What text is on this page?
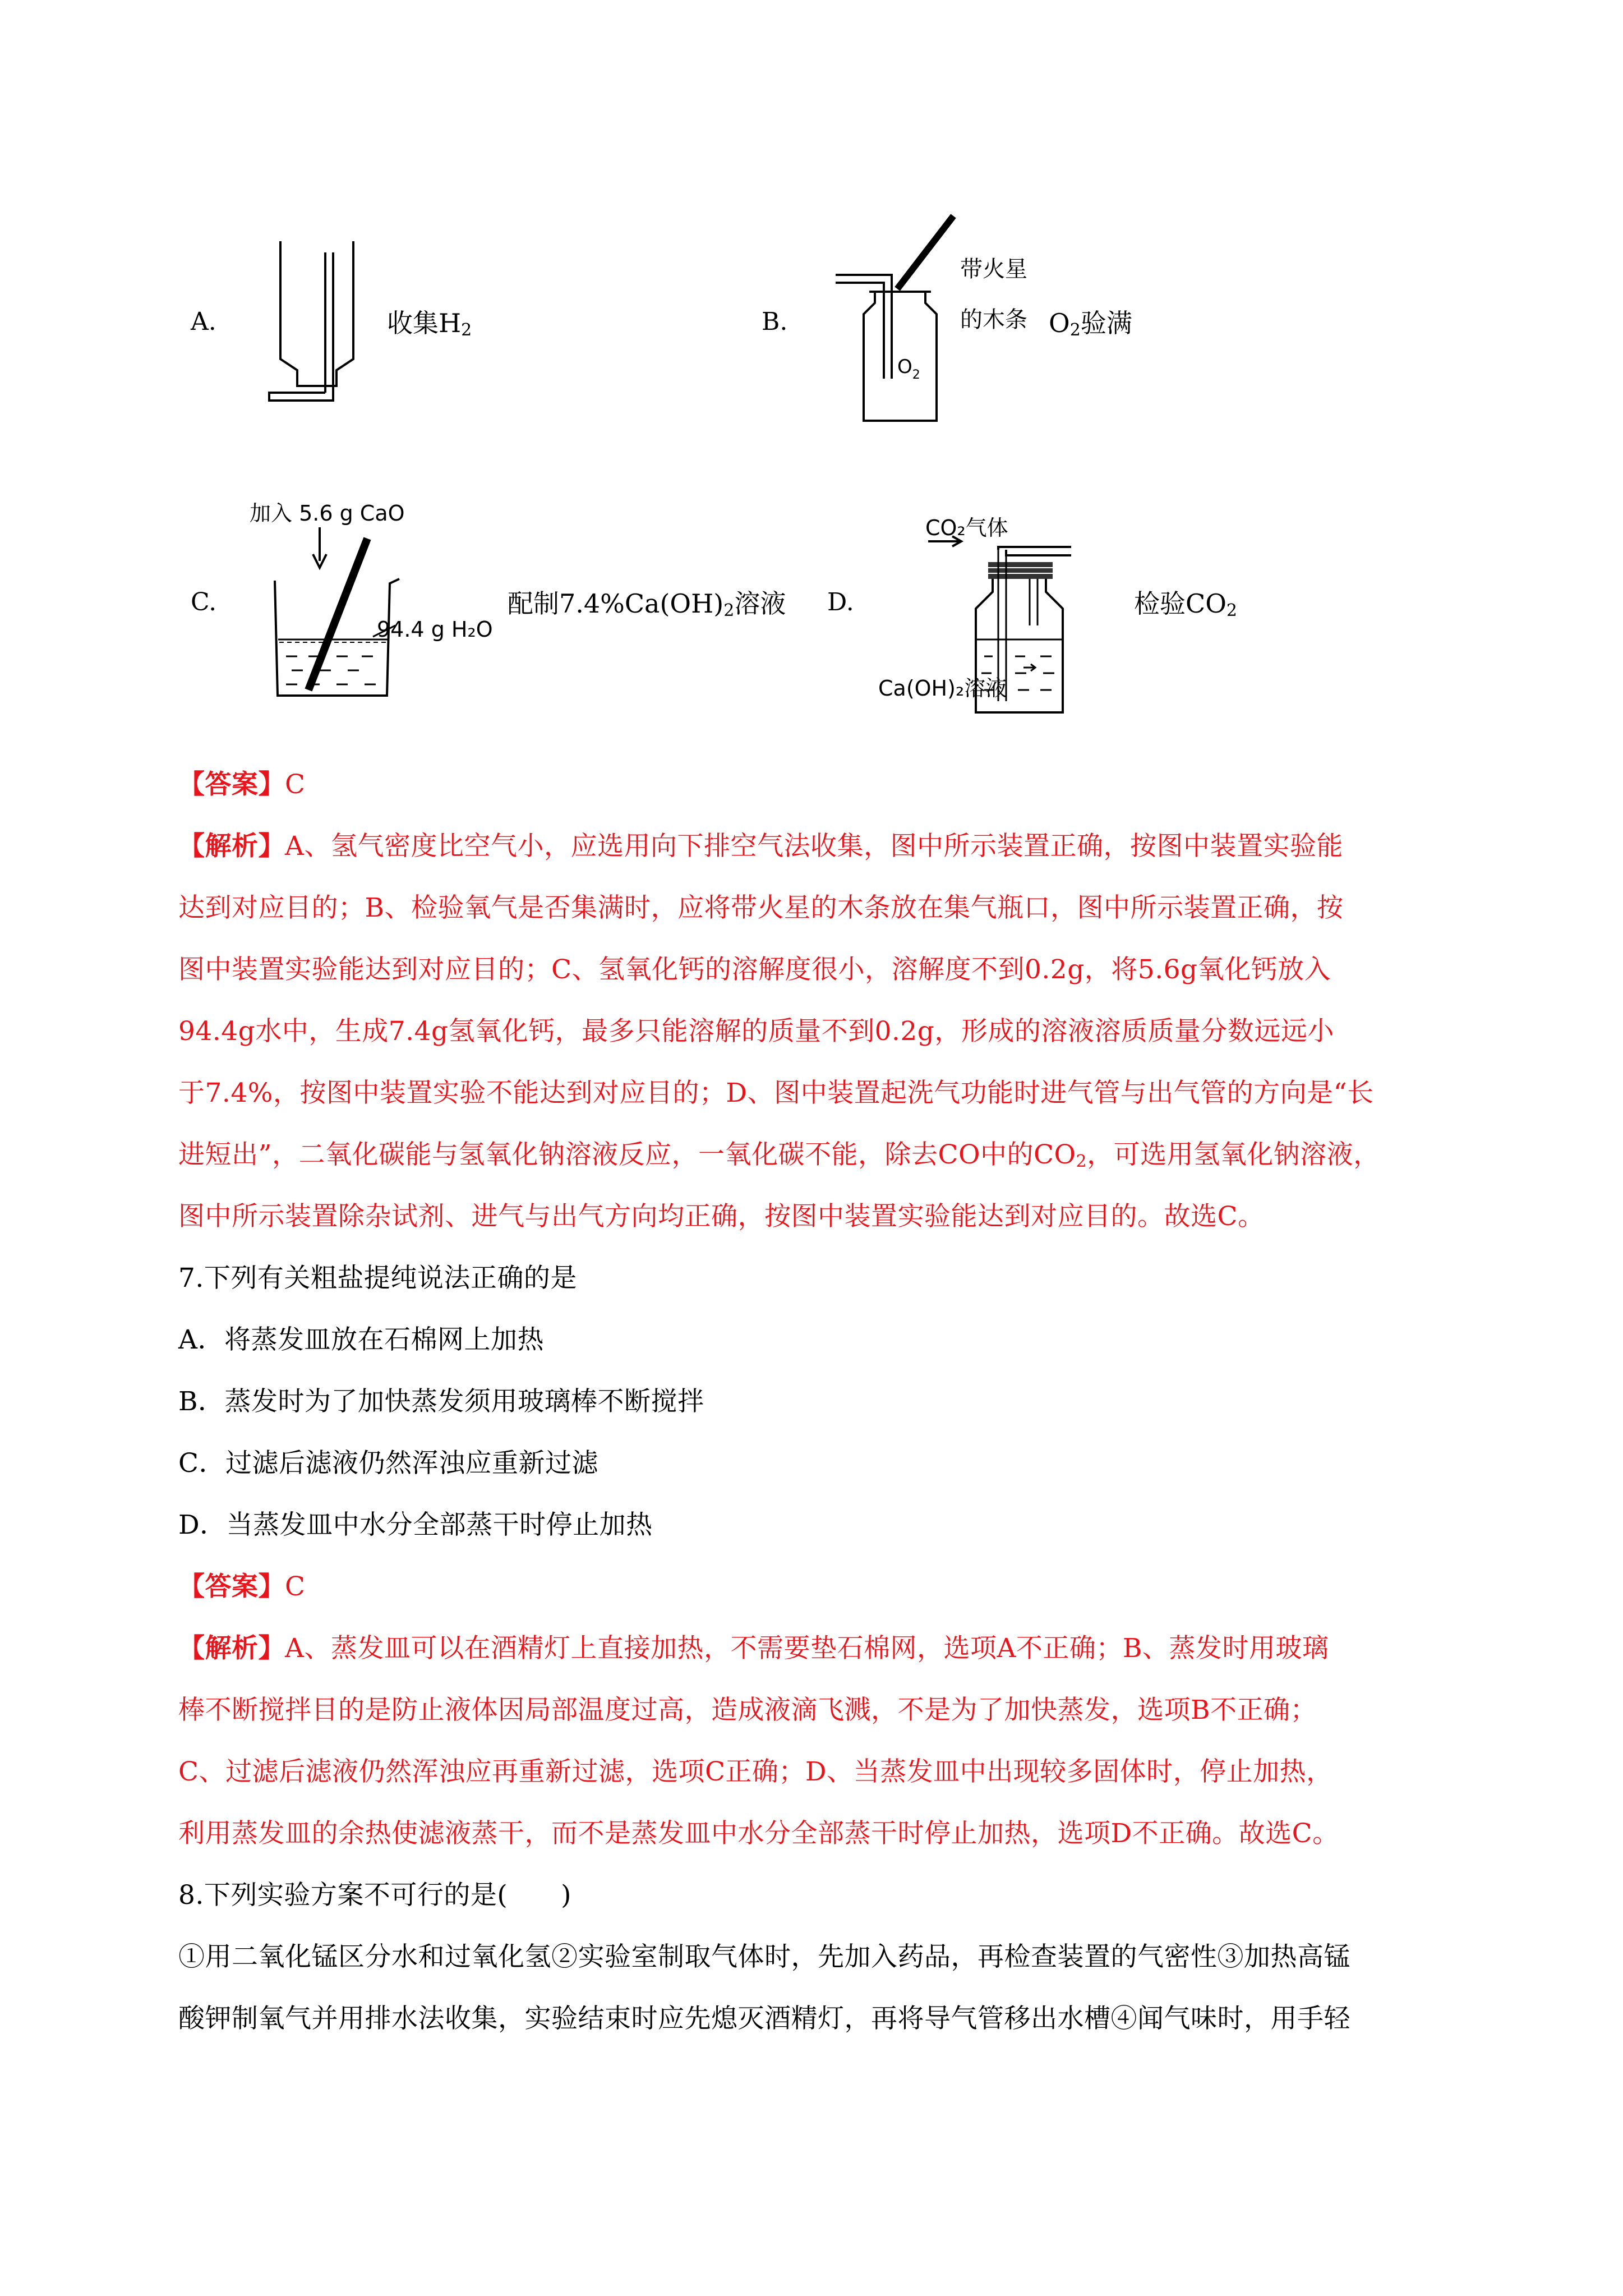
A.	收集$H_2$	B.
$O_2$
带火星
的木条 $O_2$验满
C.
加入 5.6 g CaO
94.4 g H₂O
配制$7.4\%Ca(OH)_2$溶液 D.
CO₂气体
Ca(OH)₂溶液
检验$CO_2$
【答案】C
【解析】A、氢气密度比空气小，应选用向下排空气法收集，图中所示装置正确，按图中装置实验能
达到对应目的；B、检验氧气是否集满时，应将带火星的木条放在集气瓶口，图中所示装置正确，按
图中装置实验能达到对应目的；C、氢氧化钙的溶解度很小，溶解度不到0.2g，将5.6g氧化钙放入
94.4g水中，生成7.4g氢氧化钙，最多只能溶解的质量不到0.2g，形成的溶液溶质质量分数远远小
于7.4%，按图中装置实验不能达到对应目的；D、图中装置起洗气功能时进气管与出气管的方向是“长
进短出”，二氧化碳能与氢氧化钠溶液反应，一氧化碳不能，除去CO中的$CO_2$，可选用氢氧化钠溶液，
图中所示装置除杂试剂、进气与出气方向均正确，按图中装置实验能达到对应目的。故选C。
7.下列有关粗盐提纯说法正确的是
A．将蒸发皿放在石棉网上加热
B．蒸发时为了加快蒸发须用玻璃棒不断搅拌
C．过滤后滤液仍然浑浊应重新过滤
D．当蒸发皿中水分全部蒸干时停止加热
【答案】C
【解析】A、蒸发皿可以在酒精灯上直接加热，不需要垫石棉网，选项A不正确；B、蒸发时用玻璃
棒不断搅拌目的是防止液体因局部温度过高，造成液滴飞溅，不是为了加快蒸发，选项B不正确；
C、过滤后滤液仍然浑浊应再重新过滤，选项C正确；D、当蒸发皿中出现较多固体时，停止加热，
利用蒸发皿的余热使滤液蒸干，而不是蒸发皿中水分全部蒸干时停止加热，选项D不正确。故选C。
8.下列实验方案不可行的是(　　)
①用二氧化锰区分水和过氧化氢②实验室制取气体时，先加入药品，再检查装置的气密性③加热高锰
酸钾制氧气并用排水法收集，实验结束时应先熄灭酒精灯，再将导气管移出水槽④闻气味时，用手轻
